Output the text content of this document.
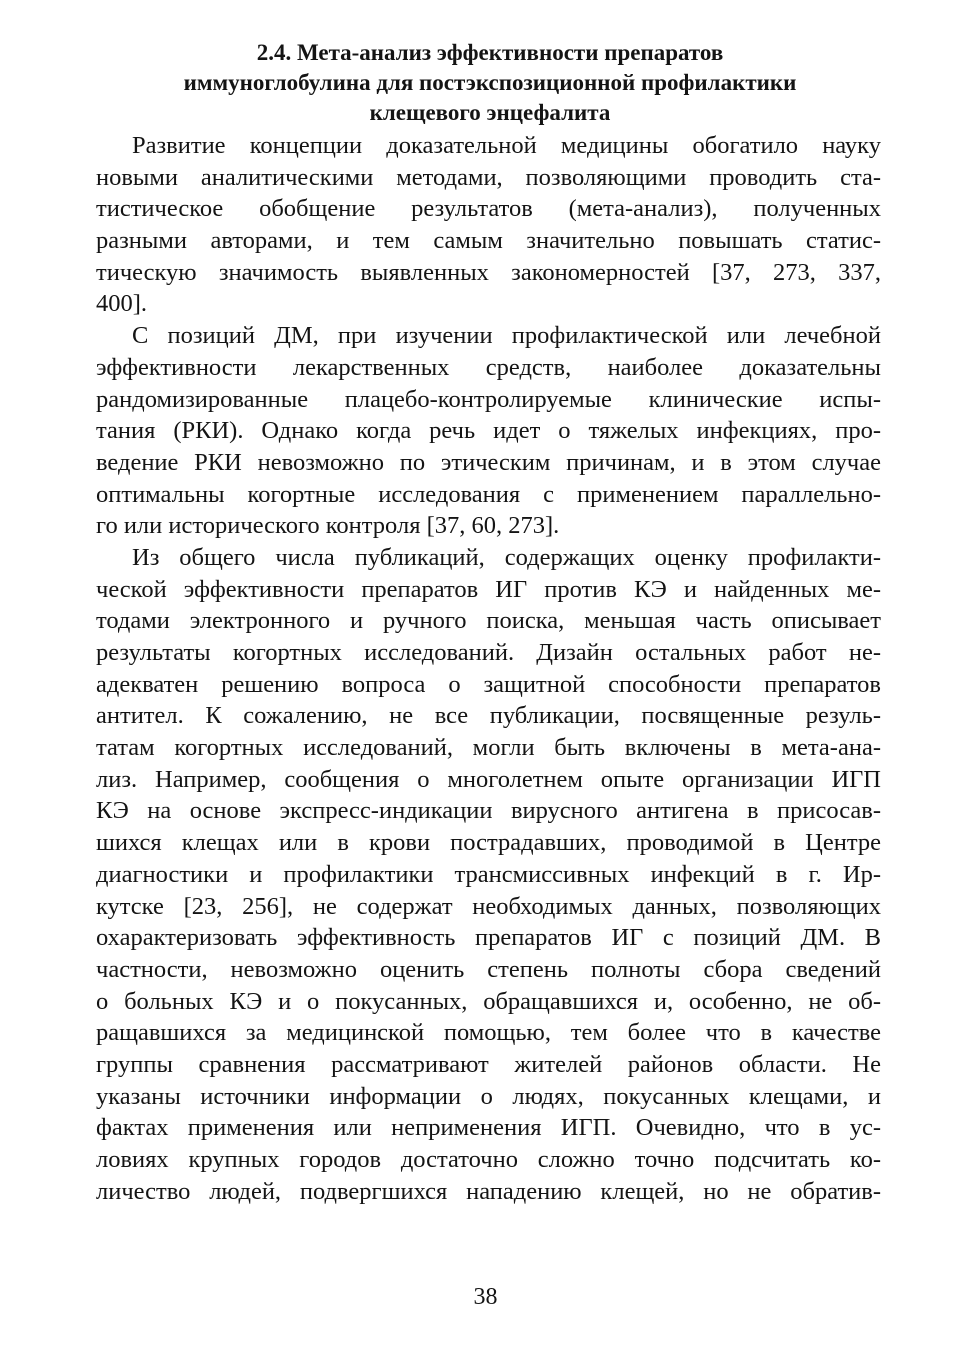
2.4. Мета-анализ эффективности препаратов
иммуноглобулина для постэкспозиционной профилактики
клещевого энцефалита
Развитие концепции доказательной медицины обогатило науку
новыми аналитическими методами, позволяющими проводить ста-
тистическое обобщение результатов (мета-анализ), полученных
разными авторами, и тем самым значительно повышать статис-
тическую значимость выявленных закономерностей [37, 273, 337,
400].
С позиций ДМ, при изучении профилактической или лечебной
эффективности лекарственных средств, наиболее доказательны
рандомизированные плацебо-контролируемые клинические испы-
тания (РКИ). Однако когда речь идет о тяжелых инфекциях, про-
ведение РКИ невозможно по этическим причинам, и в этом случае
оптимальны когортные исследования с применением параллельно-
го или исторического контроля [37, 60, 273].
Из общего числа публикаций, содержащих оценку профилакти-
ческой эффективности препаратов ИГ против КЭ и найденных ме-
тодами электронного и ручного поиска, меньшая часть описывает
результаты когортных исследований. Дизайн остальных работ не-
адекватен решению вопроса о защитной способности препаратов
антител. К сожалению, не все публикации, посвященные резуль-
татам когортных исследований, могли быть включены в мета-ана-
лиз. Например, сообщения о многолетнем опыте организации ИГП
КЭ на основе экспресс-индикации вирусного антигена в присосав-
шихся клещах или в крови пострадавших, проводимой в Центре
диагностики и профилактики трансмиссивных инфекций в г. Ир-
кутске [23, 256], не содержат необходимых данных, позволяющих
охарактеризовать эффективность препаратов ИГ с позиций ДМ. В
частности, невозможно оценить степень полноты сбора сведений
о больных КЭ и о покусанных, обращавшихся и, особенно, не об-
ращавшихся за медицинской помощью, тем более что в качестве
группы сравнения рассматривают жителей районов области. Не
указаны источники информации о людях, покусанных клещами, и
фактах применения или неприменения ИГП. Очевидно, что в ус-
ловиях крупных городов достаточно сложно точно подсчитать ко-
личество людей, подвергшихся нападению клещей, но не обратив-
38
